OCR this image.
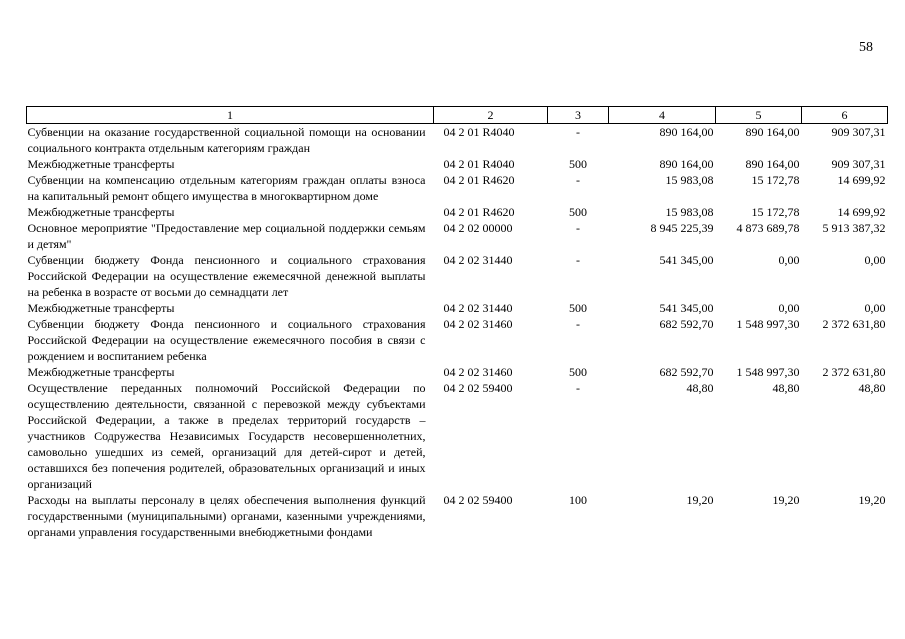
58
1	2	3	4	5	6
Субвенции на оказание государственной социальной помощи на основании социального контракта отдельным категориям граждан	04 2 01 R4040	-	890 164,00	890 164,00	909 307,31
Межбюджетные трансферты	04 2 01 R4040	500	890 164,00	890 164,00	909 307,31
Субвенции на компенсацию отдельным категориям граждан оплаты взноса на капитальный ремонт общего имущества в многоквартирном доме	04 2 01 R4620	-	15 983,08	15 172,78	14 699,92
Межбюджетные трансферты	04 2 01 R4620	500	15 983,08	15 172,78	14 699,92
Основное мероприятие "Предоставление мер социальной поддержки семьям и детям"	04 2 02 00000	-	8 945 225,39	4 873 689,78	5 913 387,32
Субвенции бюджету Фонда пенсионного и социального страхования Российской Федерации на осуществление ежемесячной денежной выплаты на ребенка в возрасте от восьми до семнадцати лет	04 2 02 31440	-	541 345,00	0,00	0,00
Межбюджетные трансферты	04 2 02 31440	500	541 345,00	0,00	0,00
Субвенции бюджету Фонда пенсионного и социального страхования Российской Федерации на осуществление ежемесячного пособия в связи с рождением и воспитанием ребенка	04 2 02 31460	-	682 592,70	1 548 997,30	2 372 631,80
Межбюджетные трансферты	04 2 02 31460	500	682 592,70	1 548 997,30	2 372 631,80
Осуществление переданных полномочий Российской Федерации по осуществлению деятельности, связанной с перевозкой между субъектами Российской Федерации, а также в пределах территорий государств – участников Содружества Независимых Государств несовершеннолетних, самовольно ушедших из семей, организаций для детей-сирот и детей, оставшихся без попечения родителей, образовательных организаций и иных организаций	04 2 02 59400	-	48,80	48,80	48,80
Расходы на выплаты персоналу в целях обеспечения выполнения функций государственными (муниципальными) органами, казенными учреждениями, органами управления государственными внебюджетными фондами	04 2 02 59400	100	19,20	19,20	19,20
